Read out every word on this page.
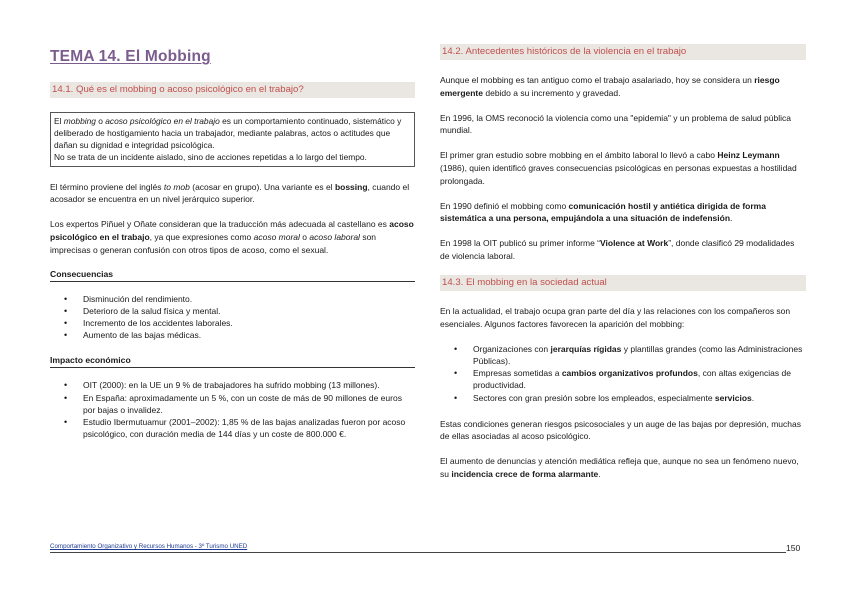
TEMA 14. El Mobbing
14.1. Qué es el mobbing o acoso psicológico en el trabajo?
El mobbing o acoso psicológico en el trabajo es un comportamiento continuado, sistemático y deliberado de hostigamiento hacia un trabajador, mediante palabras, actos o actitudes que dañan su dignidad e integridad psicológica.
No se trata de un incidente aislado, sino de acciones repetidas a lo largo del tiempo.

El término proviene del inglés to mob (acosar en grupo). Una variante es el bossing, cuando el acosador se encuentra en un nivel jerárquico superior.

Los expertos Piñuel y Oñate consideran que la traducción más adecuada al castellano es acoso psicológico en el trabajo, ya que expresiones como acoso moral o acoso laboral son imprecisas o generan confusión con otros tipos de acoso, como el sexual.

Consecuencias
• Disminución del rendimiento.
• Deterioro de la salud física y mental.
• Incremento de los accidentes laborales.
• Aumento de las bajas médicas.
Impacto económico
• OIT (2000): en la UE un 9 % de trabajadores ha sufrido mobbing (13 millones).
• En España: aproximadamente un 5 %, con un coste de más de 90 millones de euros por bajas o invalidez.
• Estudio Ibermutuamur (2001–2002): 1,85 % de las bajas analizadas fueron por acoso psicológico, con duración media de 144 días y un coste de 800.000 €.
14.2. Antecedentes históricos de la violencia en el trabajo

Aunque el mobbing es tan antiguo como el trabajo asalariado, hoy se considera un riesgo emergente debido a su incremento y gravedad.

En 1996, la OMS reconoció la violencia como una "epidemia" y un problema de salud pública mundial.

El primer gran estudio sobre mobbing en el ámbito laboral lo llevó a cabo Heinz Leymann (1986), quien identificó graves consecuencias psicológicas en personas expuestas a hostilidad prolongada.

En 1990 definió el mobbing como comunicación hostil y antiética dirigida de forma sistemática a una persona, empujándola a una situación de indefensión.

En 1998 la OIT publicó su primer informe “Violence at Work”, donde clasificó 29 modalidades de violencia laboral.

14.3. El mobbing en la sociedad actual

En la actualidad, el trabajo ocupa gran parte del día y las relaciones con los compañeros son esenciales. Algunos factores favorecen la aparición del mobbing:

• Organizaciones con jerarquías rígidas y plantillas grandes (como las Administraciones Públicas).
• Empresas sometidas a cambios organizativos profundos, con altas exigencias de productividad.
• Sectores con gran presión sobre los empleados, especialmente servicios.

Estas condiciones generan riesgos psicosociales y un auge de las bajas por depresión, muchas de ellas asociadas al acoso psicológico.

El aumento de denuncias y atención mediática refleja que, aunque no sea un fenómeno nuevo, su incidencia crece de forma alarmante.

Comportamiento Organizativo y Recursos Humanos - 3º Turismo UNED	150
